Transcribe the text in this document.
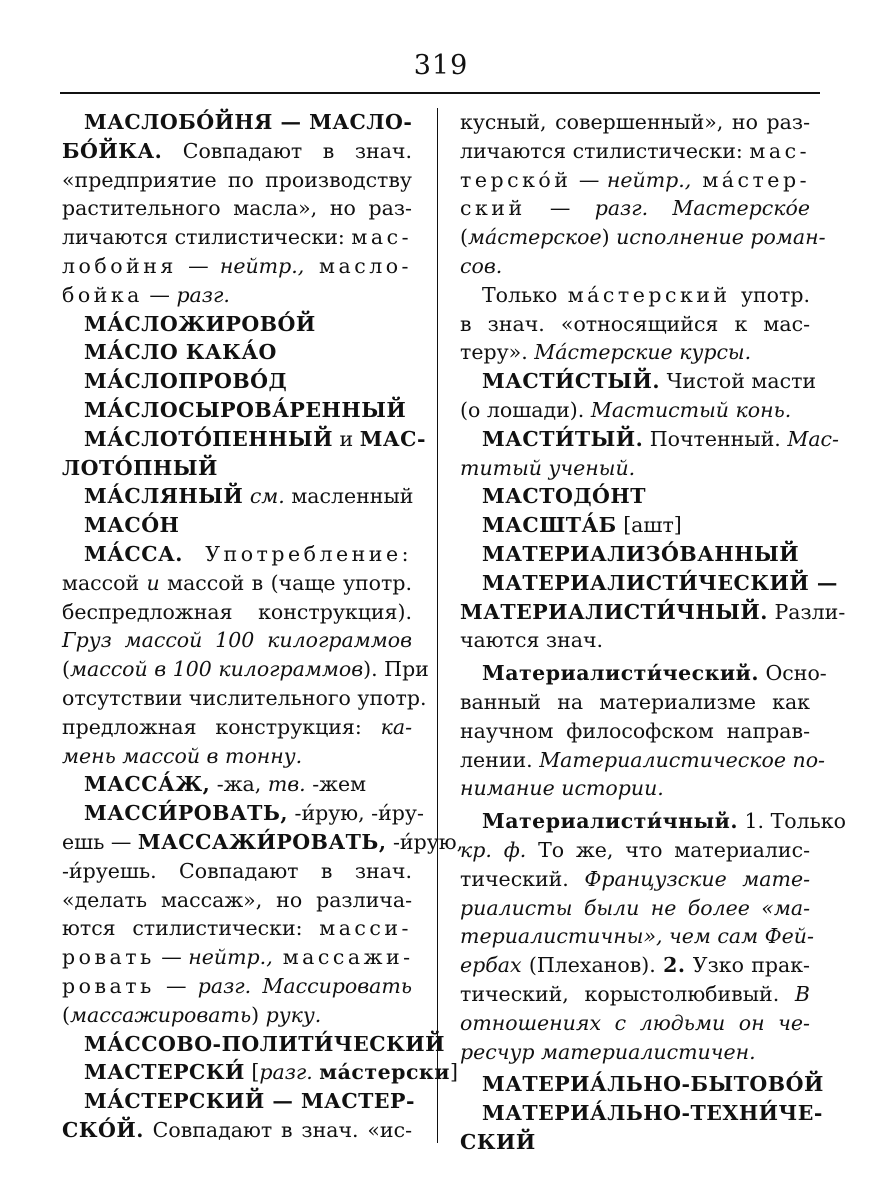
319
МАСЛОБО́ЙНЯ — МАСЛО-
БО́ЙКА. Совпадают в знач.
«предприятие по производству
растительного масла», но раз-
личаются стилистически: мас-
лобойня — нейтр., масло-
бойка — разг.
МА́СЛОЖИРОВО́Й
МА́СЛО КАКА́О
МА́СЛОПРОВО́Д
МА́СЛОСЫРОВА́РЕННЫЙ
МА́СЛОТО́ПЕННЫЙ и МАС-
ЛОТО́ПНЫЙ
МА́СЛЯНЫЙ см. масленный
МАСО́Н
МА́ССА. Употребление:
массой и массой в (чаще употр.
беспредложная конструкция).
Груз массой 100 килограммов
(массой в 100 килограммов). При
отсутствии числительного употр.
предложная конструкция: ка-
мень массой в тонну.
МАССА́Ж, -жа, тв. -жем
МАССИ́РОВАТЬ, -и́рую, -и́ру-
ешь — МАССАЖИ́РОВАТЬ, -и́рую,
-и́руешь. Совпадают в знач.
«делать массаж», но различа-
ются стилистически: масси-
ровать — нейтр., массажи-
ровать — разг. Массировать
(массажировать) руку.
МА́ССОВО-ПОЛИТИ́ЧЕСКИЙ
МАСТЕРСКИ́ [разг. ма́стерски]
МА́СТЕРСКИЙ — МАСТЕР-
СКО́Й. Совпадают в знач. «ис-
кусный, совершенный», но раз-
личаются стилистически: мас-
терско́й — нейтр., ма́стер-
ский — разг. Мастерско́е
(ма́стерское) исполнение роман-
сов.
Только ма́стерский употр.
в знач. «относящийся к мас-
теру». Ма́стерские курсы.
МАСТИ́СТЫЙ. Чистой масти
(о лошади). Мастистый конь.
МАСТИ́ТЫЙ. Почтенный. Мас-
титый ученый.
МАСТОДО́НТ
МАСШТА́Б [ашт]
МАТЕРИАЛИЗО́ВАННЫЙ
МАТЕРИАЛИСТИ́ЧЕСКИЙ —
МАТЕРИАЛИСТИ́ЧНЫЙ. Разли-
чаются знач.
Материалисти́ческий. Осно-
ванный на материализме как
научном философском направ-
лении. Материалистическое по-
нимание истории.
Материалисти́чный. 1. Только
кр. ф. То же, что материалис-
тический. Французские мате-
риалисты были не более «ма-
териалистичны», чем сам Фей-
ербах (Плеханов). 2. Узко прак-
тический, корыстолюбивый. В
отношениях с людьми он че-
ресчур материалистичен.
МАТЕРИА́ЛЬНО-БЫТОВО́Й
МАТЕРИА́ЛЬНО-ТЕХНИ́ЧЕ-
СКИЙ
